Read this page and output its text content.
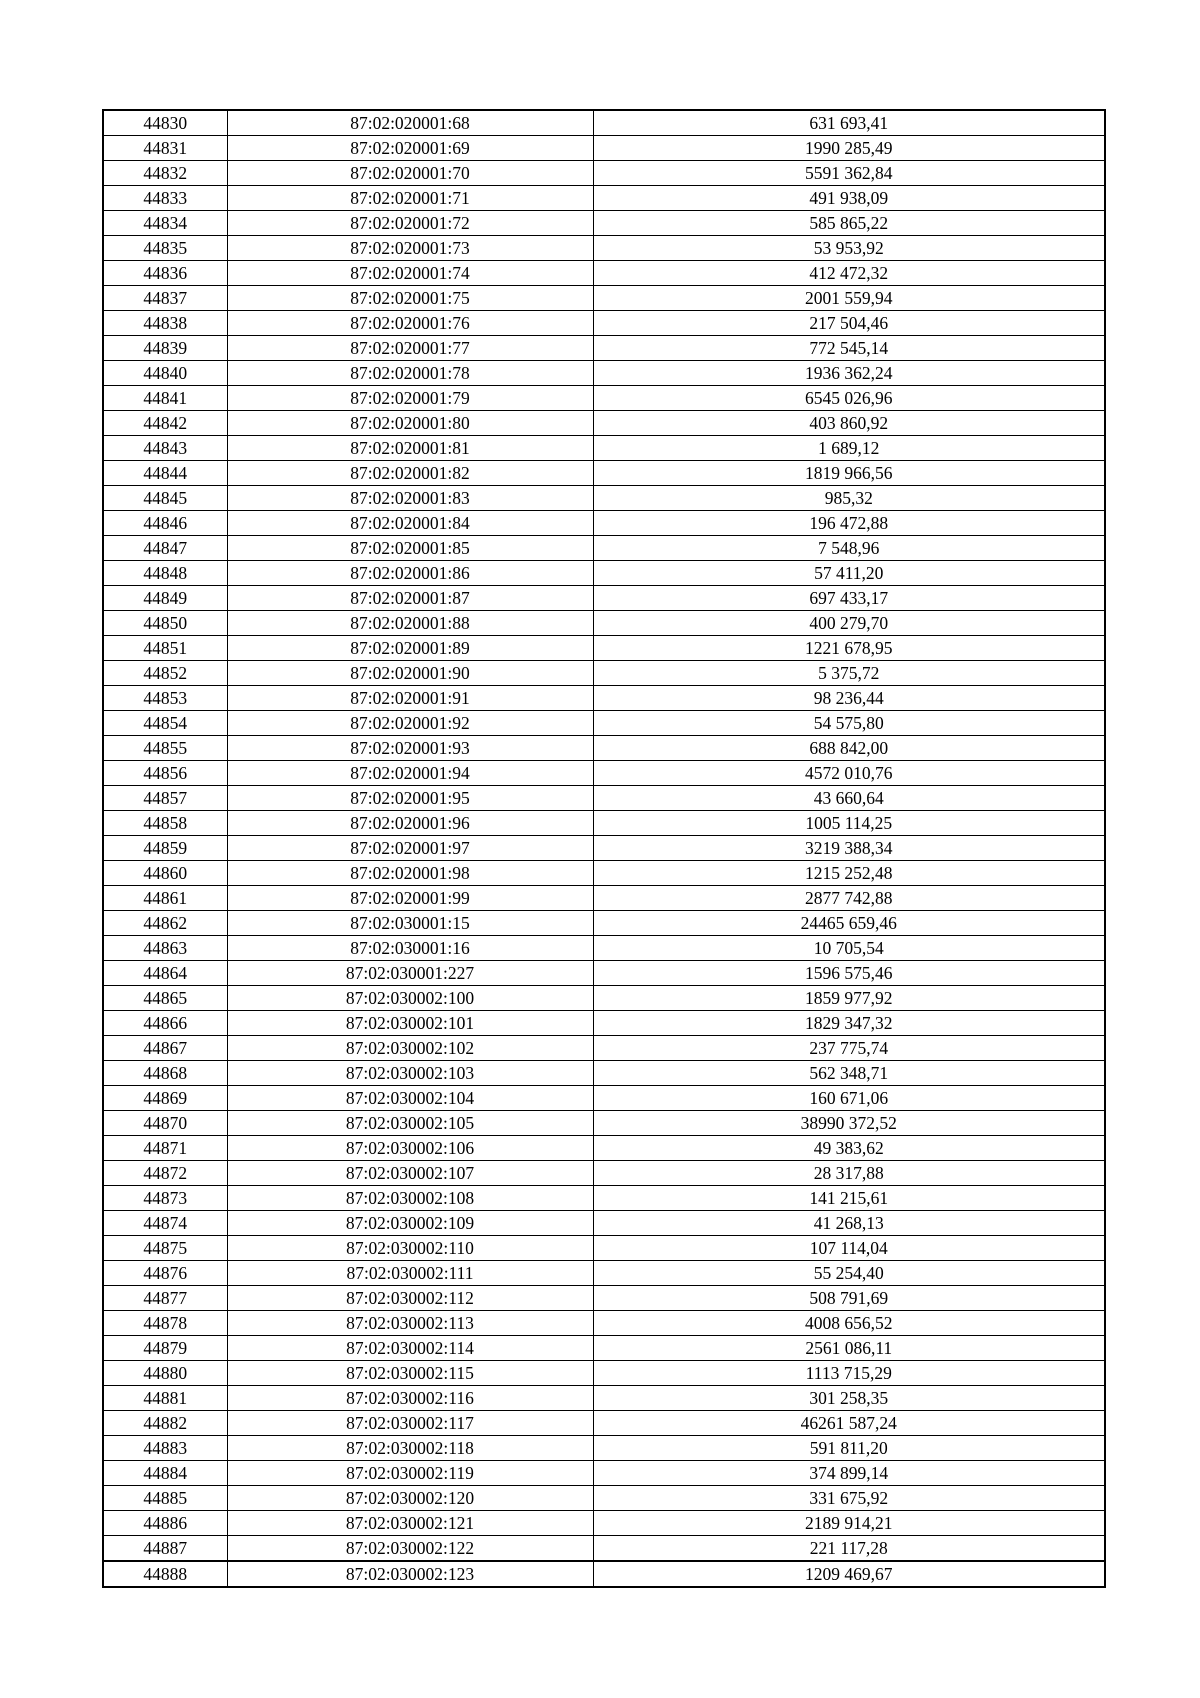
44830	87:02:020001:68	631 693,41
44831	87:02:020001:69	1990 285,49
44832	87:02:020001:70	5591 362,84
44833	87:02:020001:71	491 938,09
44834	87:02:020001:72	585 865,22
44835	87:02:020001:73	53 953,92
44836	87:02:020001:74	412 472,32
44837	87:02:020001:75	2001 559,94
44838	87:02:020001:76	217 504,46
44839	87:02:020001:77	772 545,14
44840	87:02:020001:78	1936 362,24
44841	87:02:020001:79	6545 026,96
44842	87:02:020001:80	403 860,92
44843	87:02:020001:81	1 689,12
44844	87:02:020001:82	1819 966,56
44845	87:02:020001:83	985,32
44846	87:02:020001:84	196 472,88
44847	87:02:020001:85	7 548,96
44848	87:02:020001:86	57 411,20
44849	87:02:020001:87	697 433,17
44850	87:02:020001:88	400 279,70
44851	87:02:020001:89	1221 678,95
44852	87:02:020001:90	5 375,72
44853	87:02:020001:91	98 236,44
44854	87:02:020001:92	54 575,80
44855	87:02:020001:93	688 842,00
44856	87:02:020001:94	4572 010,76
44857	87:02:020001:95	43 660,64
44858	87:02:020001:96	1005 114,25
44859	87:02:020001:97	3219 388,34
44860	87:02:020001:98	1215 252,48
44861	87:02:020001:99	2877 742,88
44862	87:02:030001:15	24465 659,46
44863	87:02:030001:16	10 705,54
44864	87:02:030001:227	1596 575,46
44865	87:02:030002:100	1859 977,92
44866	87:02:030002:101	1829 347,32
44867	87:02:030002:102	237 775,74
44868	87:02:030002:103	562 348,71
44869	87:02:030002:104	160 671,06
44870	87:02:030002:105	38990 372,52
44871	87:02:030002:106	49 383,62
44872	87:02:030002:107	28 317,88
44873	87:02:030002:108	141 215,61
44874	87:02:030002:109	41 268,13
44875	87:02:030002:110	107 114,04
44876	87:02:030002:111	55 254,40
44877	87:02:030002:112	508 791,69
44878	87:02:030002:113	4008 656,52
44879	87:02:030002:114	2561 086,11
44880	87:02:030002:115	1113 715,29
44881	87:02:030002:116	301 258,35
44882	87:02:030002:117	46261 587,24
44883	87:02:030002:118	591 811,20
44884	87:02:030002:119	374 899,14
44885	87:02:030002:120	331 675,92
44886	87:02:030002:121	2189 914,21
44887	87:02:030002:122	221 117,28
44888	87:02:030002:123	1209 469,67
